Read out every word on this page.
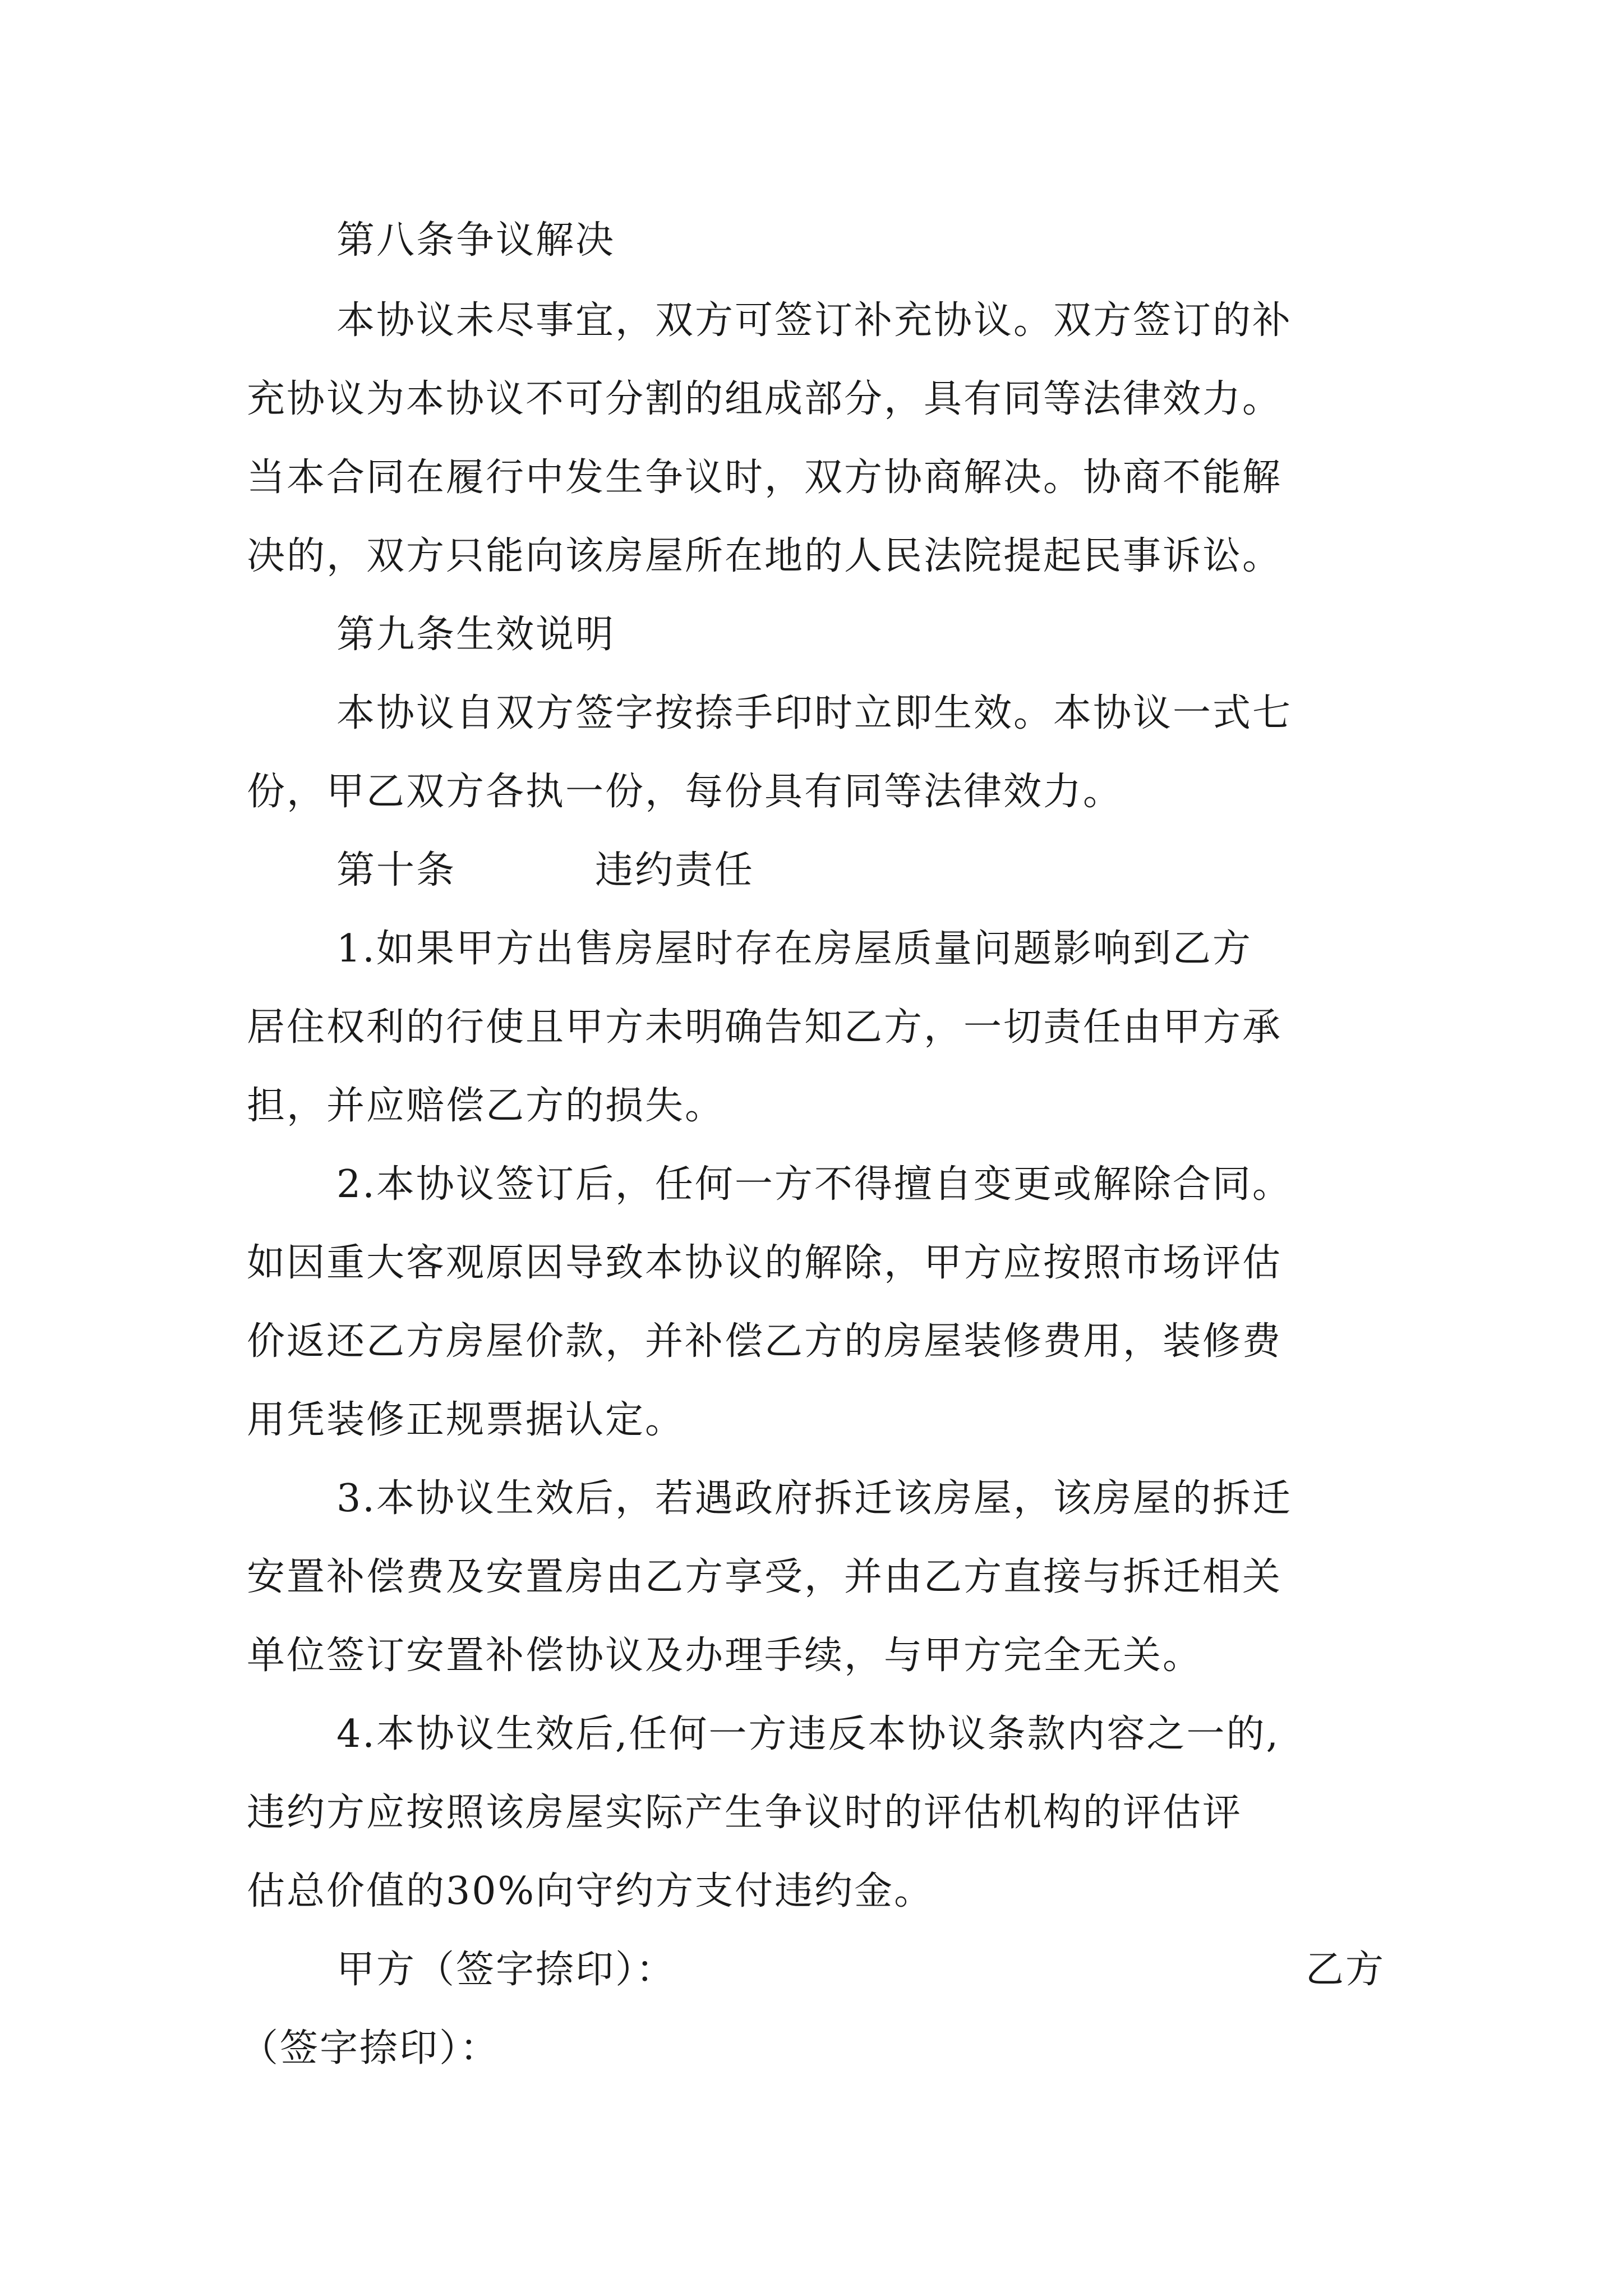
第八条争议解决
本协议未尽事宜，双方可签订补充协议。双方签订的补
充协议为本协议不可分割的组成部分，具有同等法律效力。
当本合同在履行中发生争议时，双方协商解决。协商不能解
决的，双方只能向该房屋所在地的人民法院提起民事诉讼。
第九条生效说明
本协议自双方签字按捺手印时立即生效。本协议一式七
份，甲乙双方各执一份，每份具有同等法律效力。
第十条	违约责任
1.如果甲方出售房屋时存在房屋质量问题影响到乙方
居住权利的行使且甲方未明确告知乙方，一切责任由甲方承
担，并应赔偿乙方的损失。
2.本协议签订后，任何一方不得擅自变更或解除合同。
如因重大客观原因导致本协议的解除，甲方应按照市场评估
价返还乙方房屋价款，并补偿乙方的房屋装修费用，装修费
用凭装修正规票据认定。
3.本协议生效后，若遇政府拆迁该房屋，该房屋的拆迁
安置补偿费及安置房由乙方享受，并由乙方直接与拆迁相关
单位签订安置补偿协议及办理手续，与甲方完全无关。
4.本协议生效后,任何一方违反本协议条款内容之一的,
违约方应按照该房屋实际产生争议时的评估机构的评估评
估总价值的30%向守约方支付违约金。
甲方（签字捺印）：	乙方
（签字捺印）：
